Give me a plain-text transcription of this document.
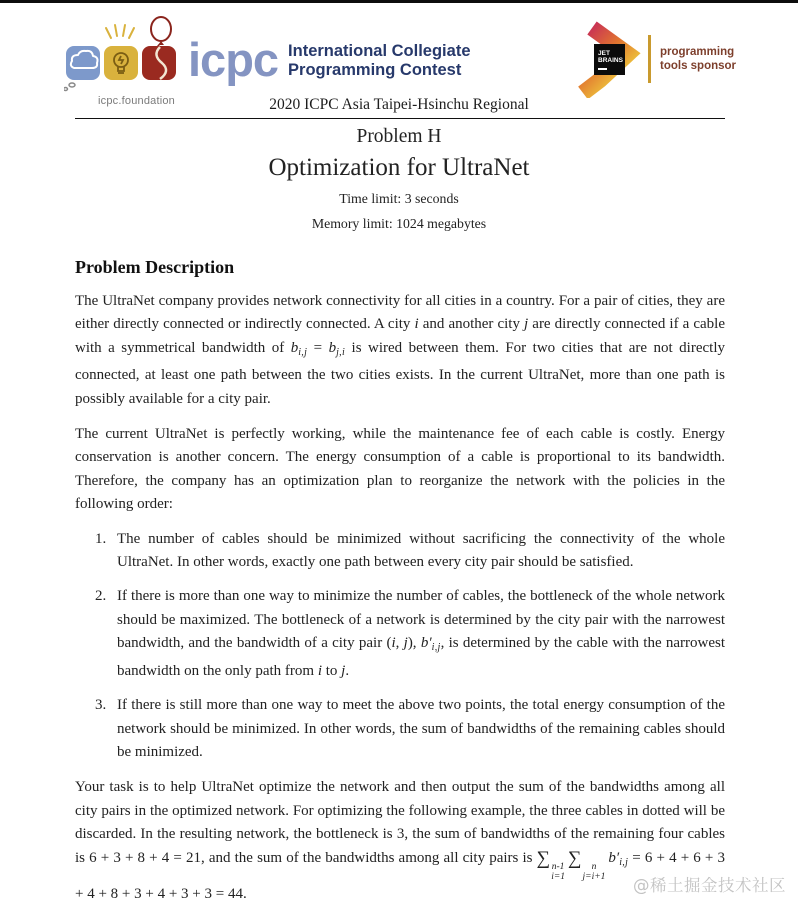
icpc.foundation
icpc International Collegiate
Programming Contest
JET
BRAINS
programming
tools sponsor
2020 ICPC Asia Taipei-Hsinchu Regional
Problem H
Optimization for UltraNet
Time limit: 3 seconds
Memory limit: 1024 megabytes
Problem Description

The UltraNet company provides network connectivity for all cities in a country. For a pair of cities, they are either directly connected or indirectly connected. A city i and another city j are directly connected if a cable with a symmetrical bandwidth of $b_{i,j} = b_{j,i}$ is wired between them. For two cities that are not directly connected, at least one path between the two cities exists. In the current UltraNet, more than one path is possibly available for a city pair.

The current UltraNet is perfectly working, while the maintenance fee of each cable is costly. Energy conservation is another concern. The energy consumption of a cable is proportional to its bandwidth. Therefore, the company has an optimization plan to reorganize the network with the policies in the following order:

1. The number of cables should be minimized without sacrificing the connectivity of the whole UltraNet. In other words, exactly one path between every city pair should be satisfied.
2. If there is more than one way to minimize the number of cables, the bottleneck of the whole network should be maximized. The bottleneck of a network is determined by the city pair with the narrowest bandwidth, and the bandwidth of a city pair (i, j), $b'_{i,j}$, is determined by the cable with the narrowest bandwidth on the only path from i to j.
3. If there is still more than one way to meet the above two points, the total energy consumption of the network should be minimized. In other words, the sum of bandwidths of the remaining cables should be minimized.

Your task is to help UltraNet optimize the network and then output the sum of the bandwidths among all city pairs in the optimized network. For optimizing the following example, the three cables in dotted will be discarded. In the resulting network, the bottleneck is 3, the sum of bandwidths of the remaining four cables is 6 + 3 + 8 + 4 = 21, and the sum of the bandwidths among all city pairs is ∑ n-1
i=1
∑ n
j=i+1
$b'_{i,j} = 6 + 4 + 6 + 3 + 4 + 8 + 3 + 4 + 3 + 3 = 44$.	@稀土掘金技术社区
